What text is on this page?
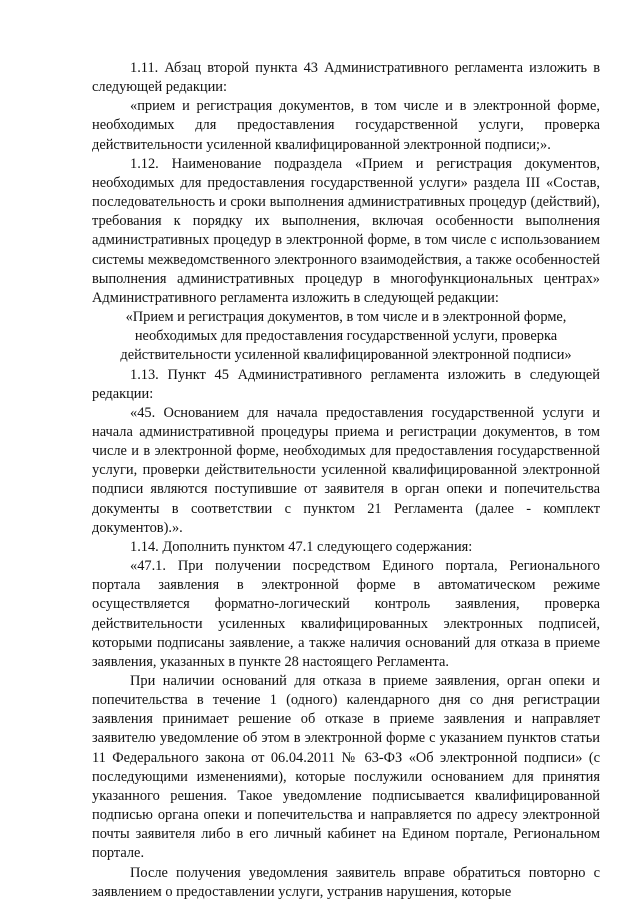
1.11. Абзац второй пункта 43 Административного регламента изложить в следующей редакции:

«прием и регистрация документов, в том числе и в электронной форме, необходимых для предоставления государственной услуги, проверка действительности усиленной квалифицированной электронной подписи;».

1.12. Наименование подраздела «Прием и регистрация документов, необходимых для предоставления государственной услуги» раздела III «Состав, последовательность и сроки выполнения административных процедур (действий), требования к порядку их выполнения, включая особенности выполнения административных процедур в электронной форме, в том числе с использованием системы межведомственного электронного взаимодействия, а также особенностей выполнения административных процедур в многофункциональных центрах» Административного регламента изложить в следующей редакции:

«Прием и регистрация документов, в том числе и в электронной форме, необходимых для предоставления государственной услуги, проверка действительности усиленной квалифицированной электронной подписи»

1.13. Пункт 45 Административного регламента изложить в следующей редакции:

«45. Основанием для начала предоставления государственной услуги и начала административной процедуры приема и регистрации документов, в том числе и в электронной форме, необходимых для предоставления государственной услуги, проверки действительности усиленной квалифицированной электронной подписи являются поступившие от заявителя в орган опеки и попечительства документы в соответствии с пунктом 21 Регламента (далее - комплект документов).».

1.14. Дополнить пунктом 47.1 следующего содержания:

«47.1. При получении посредством Единого портала, Регионального портала заявления в электронной форме в автоматическом режиме осуществляется форматно-логический контроль заявления, проверка действительности усиленных квалифицированных электронных подписей, которыми подписаны заявление, а также наличия оснований для отказа в приеме заявления, указанных в пункте 28 настоящего Регламента.

При наличии оснований для отказа в приеме заявления, орган опеки и попечительства в течение 1 (одного) календарного дня со дня регистрации заявления принимает решение об отказе в приеме заявления и направляет заявителю уведомление об этом в электронной форме с указанием пунктов статьи 11 Федерального закона от 06.04.2011 № 63-ФЗ «Об электронной подписи» (с последующими изменениями), которые послужили основанием для принятия указанного решения. Такое уведомление подписывается квалифицированной подписью органа опеки и попечительства и направляется по адресу электронной почты заявителя либо в его личный кабинет на Едином портале, Региональном портале.

После получения уведомления заявитель вправе обратиться повторно с заявлением о предоставлении услуги, устранив нарушения, которые
